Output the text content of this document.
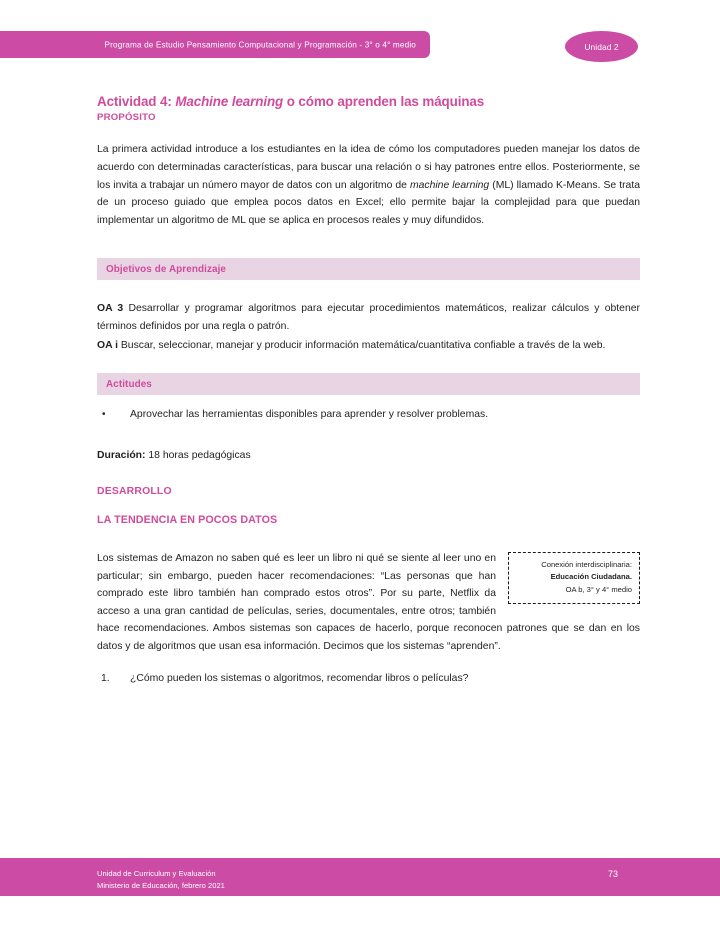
Programa de Estudio Pensamiento Computacional y Programación - 3° o 4° medio	Unidad 2
Actividad 4: Machine learning o cómo aprenden las máquinas
PROPÓSITO

La primera actividad introduce a los estudiantes en la idea de cómo los computadores pueden manejar los datos de acuerdo con determinadas características, para buscar una relación o si hay patrones entre ellos. Posteriormente, se los invita a trabajar un número mayor de datos con un algoritmo de machine learning (ML) llamado K-Means. Se trata de un proceso guiado que emplea pocos datos en Excel; ello permite bajar la complejidad para que puedan implementar un algoritmo de ML que se aplica en procesos reales y muy difundidos.

Objetivos de Aprendizaje

OA 3 Desarrollar y programar algoritmos para ejecutar procedimientos matemáticos, realizar cálculos y obtener términos definidos por una regla o patrón.

OA i Buscar, seleccionar, manejar y producir información matemática/cuantitativa confiable a través de la web.

Actitudes
• Aprovechar las herramientas disponibles para aprender y resolver problemas.

Duración: 18 horas pedagógicas

DESARROLLO
LA TENDENCIA EN POCOS DATOS
Conexión interdisciplinaria:
Educación Ciudadana.
OA b, 3° y 4° medio
Los sistemas de Amazon no saben qué es leer un libro ni qué se siente al leer uno en particular; sin embargo, pueden hacer recomendaciones: “Las personas que han comprado este libro también han comprado estos otros”. Por su parte, Netflix da acceso a una gran cantidad de películas, series, documentales, entre otros; también hace recomendaciones. Ambos sistemas son capaces de hacerlo, porque reconocen patrones que se dan en los datos y de algoritmos que usan esa información. Decimos que los sistemas “aprenden”.
1. ¿Cómo pueden los sistemas o algoritmos, recomendar libros o películas?
Unidad de Curriculum y Evaluación
Ministerio de Educación, febrero 2021
73
